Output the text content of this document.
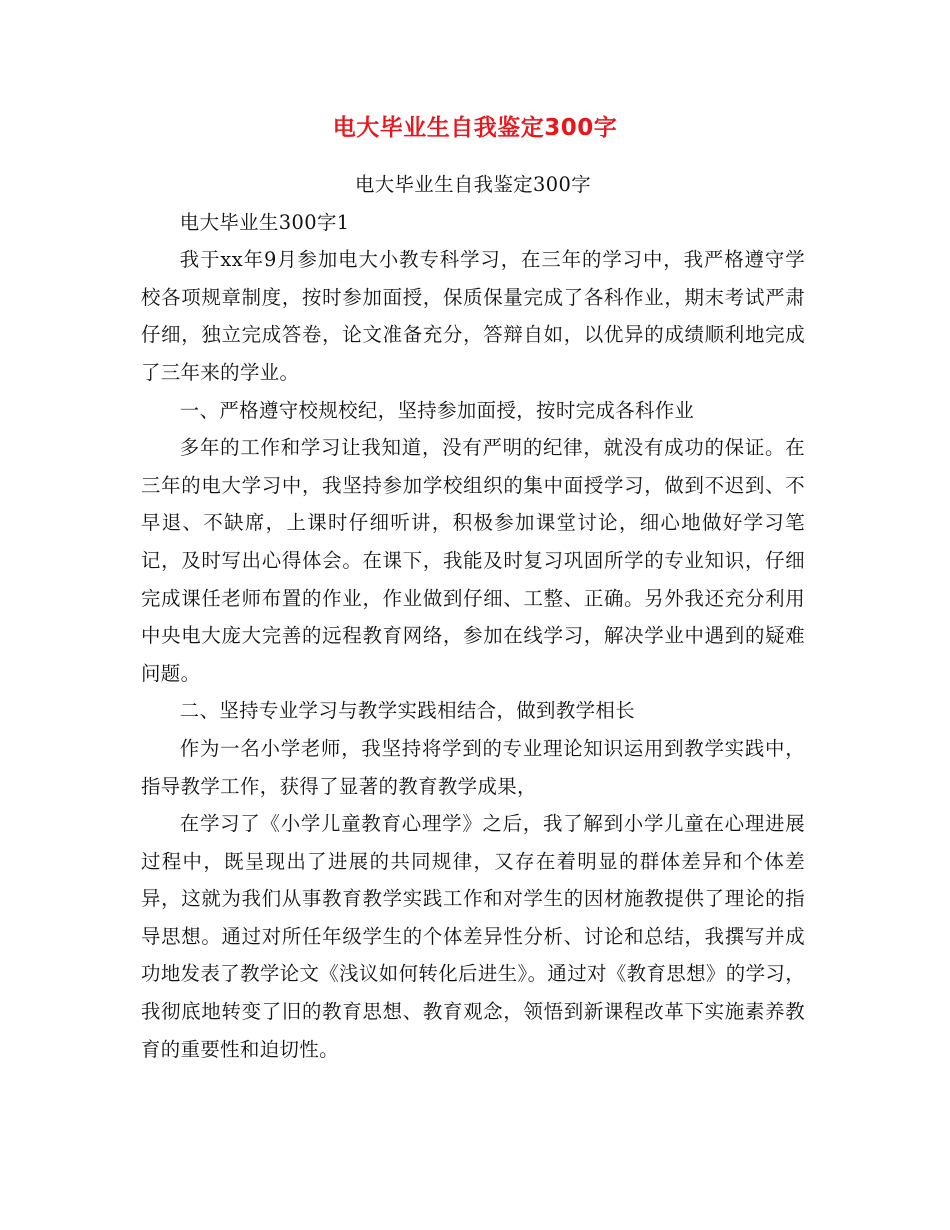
电大毕业生自我鉴定300字

电大毕业生自我鉴定300字

电大毕业生300字1

我于xx年9月参加电大小教专科学习，在三年的学习中，我严格遵守学校各项规章制度，按时参加面授，保质保量完成了各科作业，期末考试严肃仔细，独立完成答卷，论文准备充分，答辩自如，以优异的成绩顺利地完成了三年来的学业。

一、严格遵守校规校纪，坚持参加面授，按时完成各科作业

多年的工作和学习让我知道，没有严明的纪律，就没有成功的保证。在三年的电大学习中，我坚持参加学校组织的集中面授学习，做到不迟到、不早退、不缺席，上课时仔细听讲，积极参加课堂讨论，细心地做好学习笔记，及时写出心得体会。在课下，我能及时复习巩固所学的专业知识，仔细完成课任老师布置的作业，作业做到仔细、工整、正确。另外我还充分利用中央电大庞大完善的远程教育网络，参加在线学习，解决学业中遇到的疑难问题。

二、坚持专业学习与教学实践相结合，做到教学相长

作为一名小学老师，我坚持将学到的专业理论知识运用到教学实践中，指导教学工作，获得了显著的教育教学成果，

在学习了《小学儿童教育心理学》之后，我了解到小学儿童在心理进展过程中，既呈现出了进展的共同规律，又存在着明显的群体差异和个体差异，这就为我们从事教育教学实践工作和对学生的因材施教提供了理论的指导思想。通过对所任年级学生的个体差异性分析、讨论和总结，我撰写并成功地发表了教学论文《浅议如何转化后进生》。通过对《教育思想》的学习，我彻底地转变了旧的教育思想、教育观念，领悟到新课程改革下实施素养教育的重要性和迫切性。
